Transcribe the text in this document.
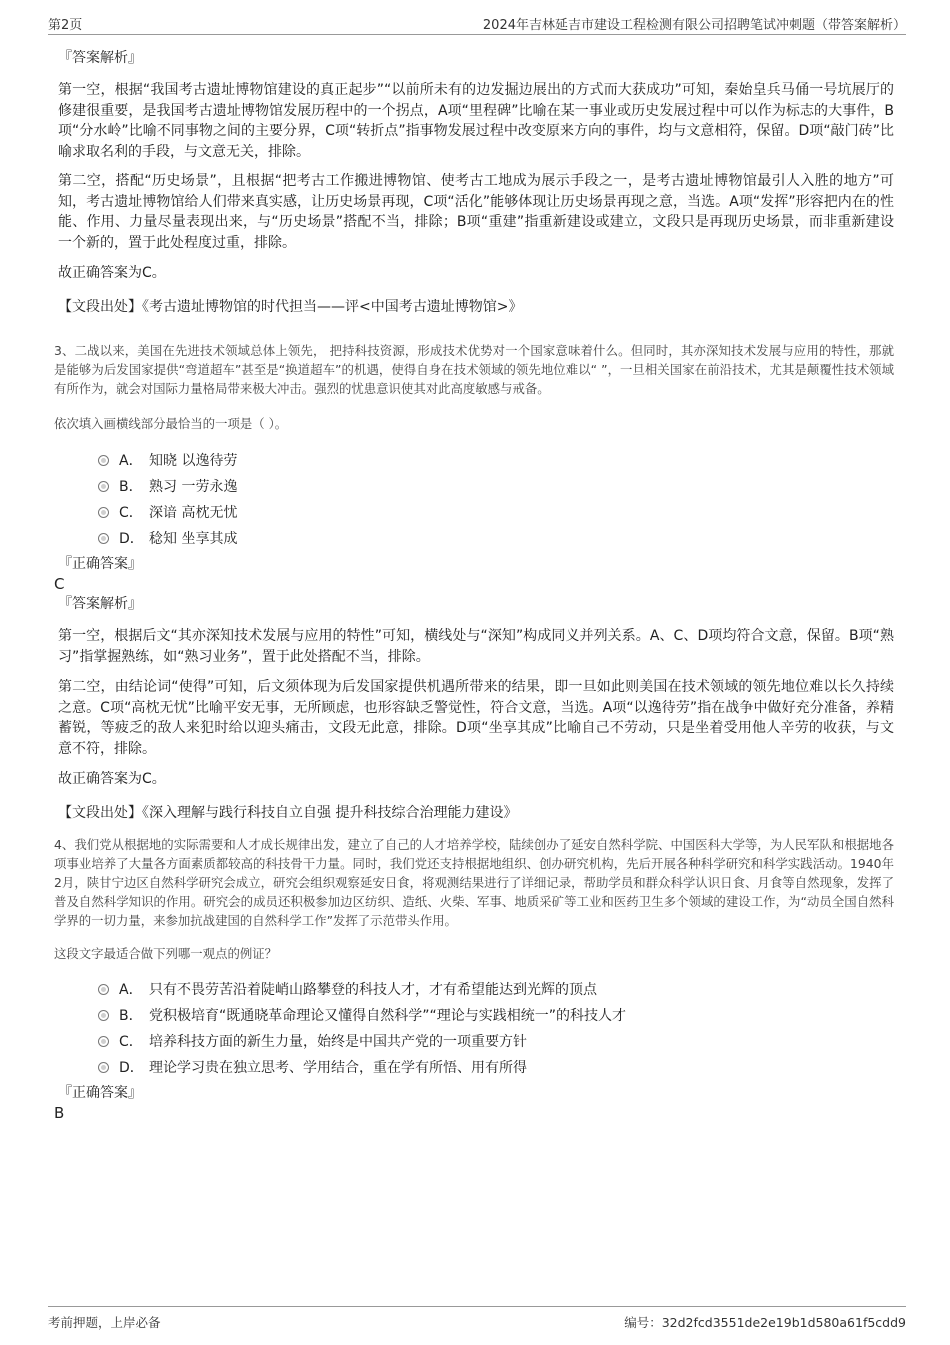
第2页	2024年吉林延吉市建设工程检测有限公司招聘笔试冲刺题（带答案解析）
『答案解析』
第一空，根据“我国考古遗址博物馆建设的真正起步”“以前所未有的边发掘边展出的方式而大获成功”可知，秦始皇兵马俑一号坑展厅的修建很重要，是我国考古遗址博物馆发展历程中的一个拐点，A项“里程碑”比喻在某一事业或历史发展过程中可以作为标志的大事件，B项“分水岭”比喻不同事物之间的主要分界，C项“转折点”指事物发展过程中改变原来方向的事件，均与文意相符，保留。D项“敲门砖”比喻求取名利的手段，与文意无关，排除。
第二空，搭配“历史场景”，且根据“把考古工作搬进博物馆、使考古工地成为展示手段之一，是考古遗址博物馆最引人入胜的地方”可知，考古遗址博物馆给人们带来真实感，让历史场景再现，C项“活化”能够体现让历史场景再现之意，当选。A项“发挥”形容把内在的性能、作用、力量尽量表现出来，与“历史场景”搭配不当，排除；B项“重建”指重新建设或建立，文段只是再现历史场景，而非重新建设一个新的，置于此处程度过重，排除。
故正确答案为C。
【文段出处】《考古遗址博物馆的时代担当——评<中国考古遗址博物馆>》
3、二战以来，美国在先进技术领域总体上领先， 把持科技资源，形成技术优势对一个国家意味着什么。但同时，其亦深知技术发展与应用的特性，那就是能够为后发国家提供“弯道超车”甚至是“换道超车”的机遇，使得自身在技术领域的领先地位难以“ ”，一旦相关国家在前沿技术，尤其是颠覆性技术领域有所作为，就会对国际力量格局带来极大冲击。强烈的忧患意识使其对此高度敏感与戒备。
依次填入画横线部分最恰当的一项是（ ）。
A． 知晓 以逸待劳
B． 熟习 一劳永逸
C． 深谙 高枕无忧
D． 稔知 坐享其成
『正确答案』
C
『答案解析』
第一空，根据后文“其亦深知技术发展与应用的特性”可知，横线处与“深知”构成同义并列关系。A、C、D项均符合文意，保留。B项“熟习”指掌握熟练，如“熟习业务”，置于此处搭配不当，排除。
第二空，由结论词“使得”可知，后文须体现为后发国家提供机遇所带来的结果，即一旦如此则美国在技术领域的领先地位难以长久持续之意。C项“高枕无忧”比喻平安无事，无所顾虑，也形容缺乏警觉性，符合文意，当选。A项“以逸待劳”指在战争中做好充分准备，养精蓄锐，等疲乏的敌人来犯时给以迎头痛击，文段无此意，排除。D项“坐享其成”比喻自己不劳动，只是坐着受用他人辛劳的收获，与文意不符，排除。
故正确答案为C。
【文段出处】《深入理解与践行科技自立自强 提升科技综合治理能力建设》
4、我们党从根据地的实际需要和人才成长规律出发，建立了自己的人才培养学校，陆续创办了延安自然科学院、中国医科大学等，为人民军队和根据地各项事业培养了大量各方面素质都较高的科技骨干力量。同时，我们党还支持根据地组织、创办研究机构，先后开展各种科学研究和科学实践活动。1940年2月，陕甘宁边区自然科学研究会成立，研究会组织观察延安日食，将观测结果进行了详细记录，帮助学员和群众科学认识日食、月食等自然现象，发挥了普及自然科学知识的作用。研究会的成员还积极参加边区纺织、造纸、火柴、军事、地质采矿等工业和医药卫生多个领域的建设工作，为“动员全国自然科学界的一切力量，来参加抗战建国的自然科学工作”发挥了示范带头作用。
这段文字最适合做下列哪一观点的例证？
A． 只有不畏劳苦沿着陡峭山路攀登的科技人才，才有希望能达到光辉的顶点
B． 党积极培育“既通晓革命理论又懂得自然科学”“理论与实践相统一”的科技人才
C． 培养科技方面的新生力量，始终是中国共产党的一项重要方针
D． 理论学习贵在独立思考、学用结合，重在学有所悟、用有所得
『正确答案』
B
考前押题，上岸必备	编号：32d2fcd3551de2e19b1d580a61f5cdd9
